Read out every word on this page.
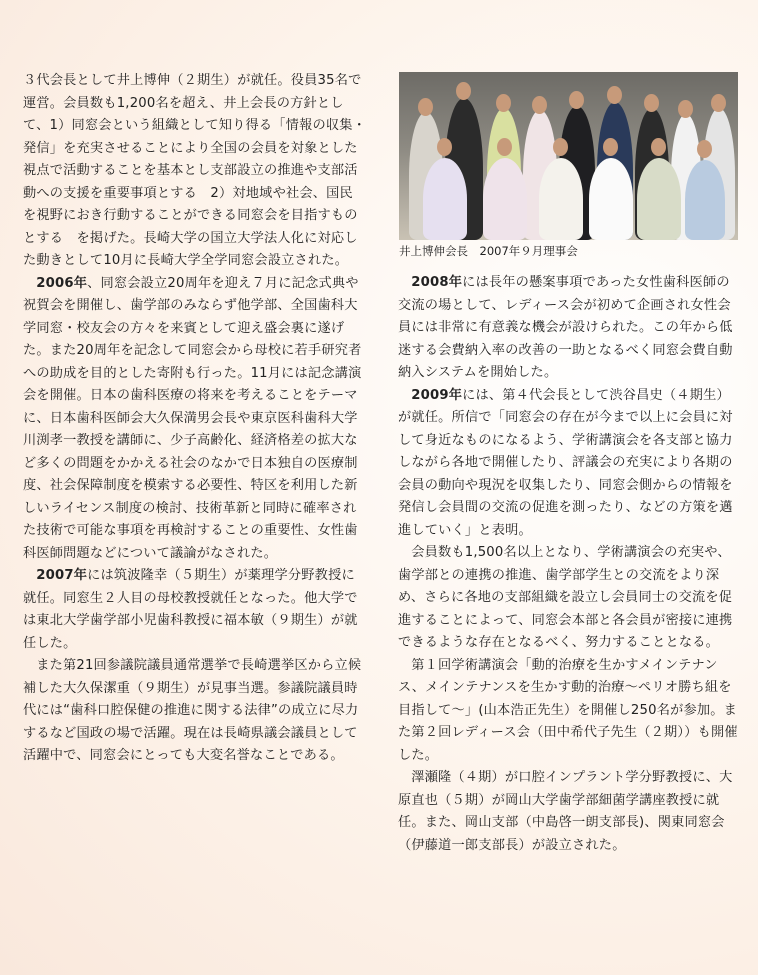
３代会長として井上博伸（２期生）が就任。役員35名で運営。会員数も1,200名を超え、井上会長の方針として、1）同窓会という組織として知り得る「情報の収集・発信」を充実させることにより全国の会員を対象とした視点で活動することを基本とし支部設立の推進や支部活動への支援を重要事項とする　2）対地域や社会、国民を視野におき行動することができる同窓会を目指すものとする　を掲げた。長崎大学の国立大学法人化に対応した動きとして10月に長崎大学全学同窓会設立された。

2006年、同窓会設立20周年を迎え７月に記念式典や祝賀会を開催し、歯学部のみならず他学部、全国歯科大学同窓・校友会の方々を来賓として迎え盛会裏に遂げた。また20周年を記念して同窓会から母校に若手研究者への助成を目的とした寄附も行った。11月には記念講演会を開催。日本の歯科医療の将来を考えることをテーマに、日本歯科医師会大久保満男会長や東京医科歯科大学川渕孝一教授を講師に、少子高齢化、経済格差の拡大など多くの問題をかかえる社会のなかで日本独自の医療制度、社会保障制度を模索する必要性、特区を利用した新しいライセンス制度の検討、技術革新と同時に確率された技術で可能な事項を再検討することの重要性、女性歯科医師問題などについて議論がなされた。

2007年には筑波隆幸（５期生）が薬理学分野教授に就任。同窓生２人目の母校教授就任となった。他大学では東北大学歯学部小児歯科教授に福本敏（９期生）が就任した。

また第21回参議院議員通常選挙で長崎選挙区から立候補した大久保潔重（９期生）が見事当選。参議院議員時代には“歯科口腔保健の推進に関する法律”の成立に尽力するなど国政の場で活躍。現在は長崎県議会議員として活躍中で、同窓会にとっても大変名誉なことである。

井上博伸会長　2007年９月理事会

2008年には長年の懸案事項であった女性歯科医師の交流の場として、レディース会が初めて企画され女性会員には非常に有意義な機会が設けられた。この年から低迷する会費納入率の改善の一助となるべく同窓会費自動納入システムを開始した。

2009年には、第４代会長として渋谷昌史（４期生）が就任。所信で「同窓会の存在が今まで以上に会員に対して身近なものになるよう、学術講演会を各支部と協力しながら各地で開催したり、評議会の充実により各期の会員の動向や現況を収集したり、同窓会側からの情報を発信し会員間の交流の促進を測ったり、などの方策を邁進していく」と表明。

会員数も1,500名以上となり、学術講演会の充実や、歯学部との連携の推進、歯学部学生との交流をより深め、さらに各地の支部組織を設立し会員同士の交流を促進することによって、同窓会本部と各会員が密接に連携できるような存在となるべく、努力することとなる。

第１回学術講演会「動的治療を生かすメインテナンス、メインテナンスを生かす動的治療～ペリオ勝ち組を目指して～」(山本浩正先生）を開催し250名が参加。また第２回レディース会（田中希代子先生（２期））も開催した。

澤瀬隆（４期）が口腔インプラント学分野教授に、大原直也（５期）が岡山大学歯学部細菌学講座教授に就任。また、岡山支部（中島啓一朗支部長)、関東同窓会（伊藤道一郎支部長）が設立された。
